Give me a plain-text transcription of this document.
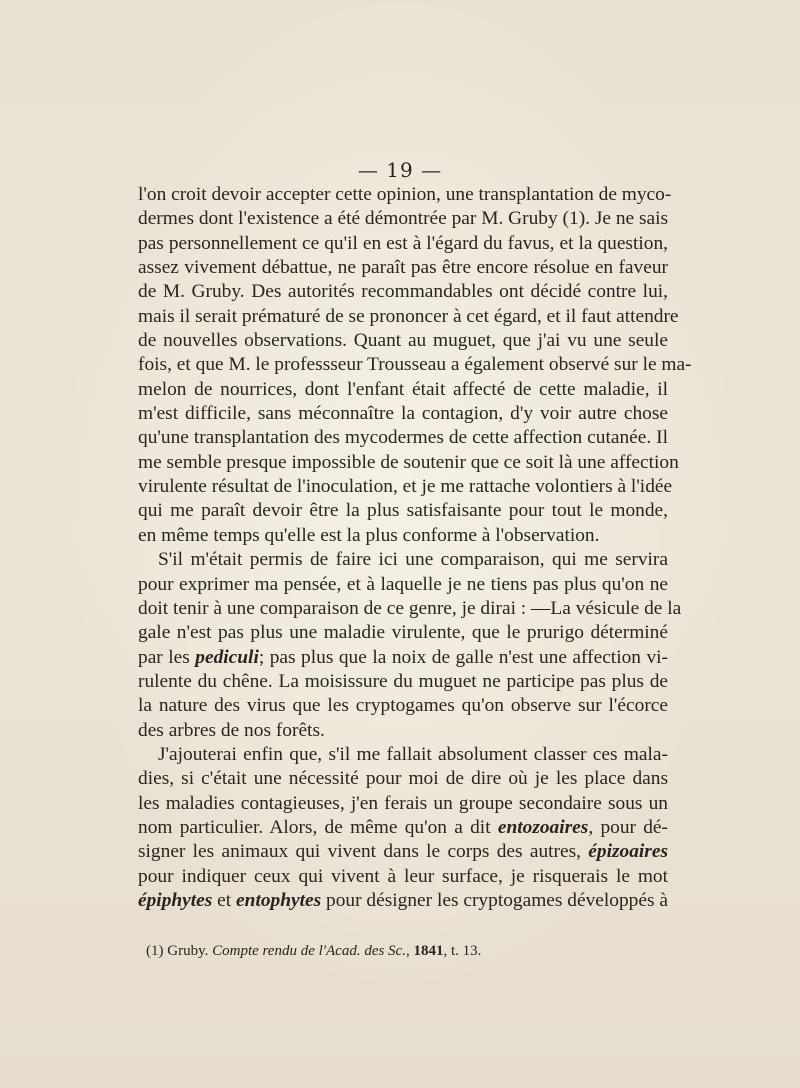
— 19 —
l'on croit devoir accepter cette opinion, une transplantation de myco-
dermes dont l'existence a été démontrée par M. Gruby (1). Je ne sais
pas personnellement ce qu'il en est à l'égard du favus, et la question,
assez vivement débattue, ne paraît pas être encore résolue en faveur
de M. Gruby. Des autorités recommandables ont décidé contre lui,
mais il serait prématuré de se prononcer à cet égard, et il faut attendre
de nouvelles observations. Quant au muguet, que j'ai vu une seule
fois, et que M. le professseur Trousseau a également observé sur le ma-
melon de nourrices, dont l'enfant était affecté de cette maladie, il
m'est difficile, sans méconnaître la contagion, d'y voir autre chose
qu'une transplantation des mycodermes de cette affection cutanée. Il
me semble presque impossible de soutenir que ce soit là une affection
virulente résultat de l'inoculation, et je me rattache volontiers à l'idée
qui me paraît devoir être la plus satisfaisante pour tout le monde,
en même temps qu'elle est la plus conforme à l'observation.
S'il m'était permis de faire ici une comparaison, qui me servira
pour exprimer ma pensée, et à laquelle je ne tiens pas plus qu'on ne
doit tenir à une comparaison de ce genre, je dirai : —La vésicule de la
gale n'est pas plus une maladie virulente, que le prurigo déterminé
par les pediculi; pas plus que la noix de galle n'est une affection vi-
rulente du chêne. La moisissure du muguet ne participe pas plus de
la nature des virus que les cryptogames qu'on observe sur l'écorce
des arbres de nos forêts.
J'ajouterai enfin que, s'il me fallait absolument classer ces mala-
dies, si c'était une nécessité pour moi de dire où je les place dans
les maladies contagieuses, j'en ferais un groupe secondaire sous un
nom particulier. Alors, de même qu'on a dit entozoaires, pour dé-
signer les animaux qui vivent dans le corps des autres, épizoaires
pour indiquer ceux qui vivent à leur surface, je risquerais le mot
épiphytes et entophytes pour désigner les cryptogames développés à
(1) Gruby. Compte rendu de l'Acad. des Sc., 1841, t. 13.
